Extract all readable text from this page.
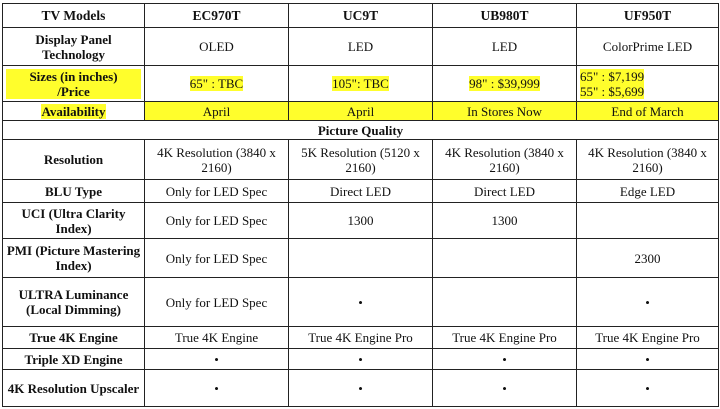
TV Models	EC970T	UC9T	UB980T	UF950T
Display Panel Technology	OLED	LED	LED	ColorPrime LED

Sizes (in inches)
/Price	65" : TBC	105": TBC	98" : $39,999	65" : $7,199
55" : $5,699

Availability	April	April	In Stores Now	End of March
Picture Quality				
Resolution	4K Resolution (3840 x 2160)	5K Resolution (5120 x 2160)	4K Resolution (3840 x 2160)	4K Resolution (3840 x 2160)
BLU Type	Only for LED Spec	Direct LED	Direct LED	Edge LED
UCI (Ultra Clarity Index)	Only for LED Spec	1300	1300	
PMI (Picture Mastering Index)	Only for LED Spec			2300
ULTRA Luminance (Local Dimming)	Only for LED Spec	•		•
True 4K Engine	True 4K Engine	True 4K Engine Pro	True 4K Engine Pro	True 4K Engine Pro
Triple XD Engine	•	•	•	•
4K Resolution Upscaler	•	•	•	•
